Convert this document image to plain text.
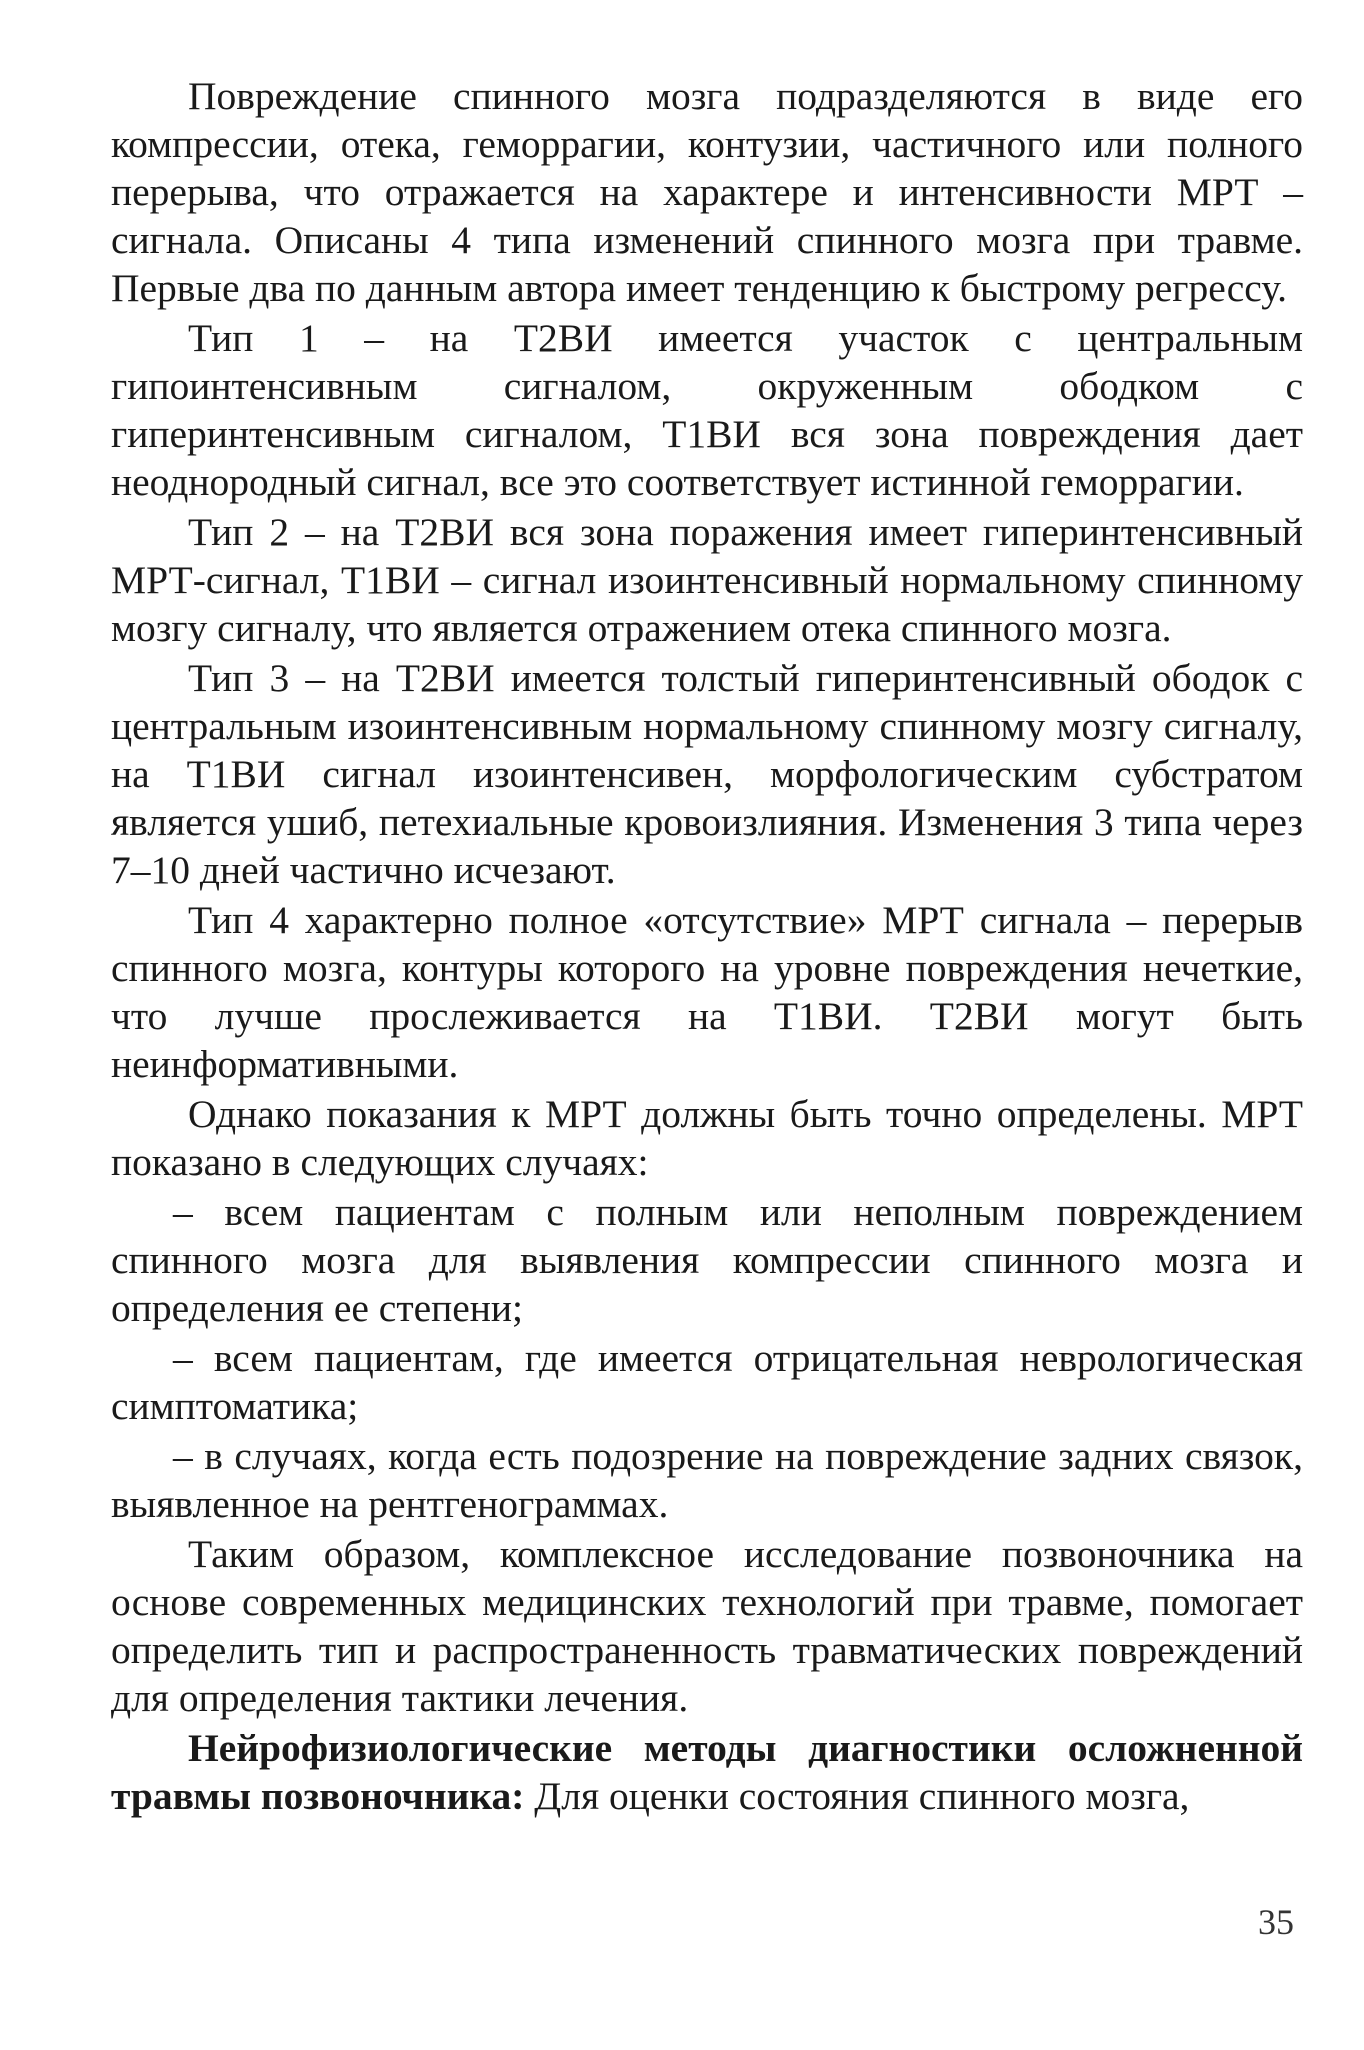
Повреждение спинного мозга подразделяются в виде его компрессии, отека, геморрагии, контузии, частичного или полного перерыва, что отражается на характере и интенсивности МРТ – сигнала. Описаны 4 типа изменений спинного мозга при травме. Первые два по данным автора имеет тенденцию к быстрому регрессу.

Тип 1 – на Т2ВИ имеется участок с центральным гипоинтенсивным сигналом, окруженным ободком с гиперинтенсивным сигналом, Т1ВИ вся зона повреждения дает неоднородный сигнал, все это соответствует истинной геморрагии.

Тип 2 – на Т2ВИ вся зона поражения имеет гиперинтенсивный МРТ-сигнал, Т1ВИ – сигнал изоинтенсивный нормальному спинному мозгу сигналу, что является отражением отека спинного мозга.

Тип 3 – на Т2ВИ имеется толстый гиперинтенсивный ободок с центральным изоинтенсивным нормальному спинному мозгу сигналу, на Т1ВИ сигнал изоинтенсивен, морфологическим субстратом является ушиб, петехиальные кровоизлияния. Изменения 3 типа через 7–10 дней частично исчезают.

Тип 4 характерно полное «отсутствие» МРТ сигнала – перерыв спинного мозга, контуры которого на уровне повреждения нечеткие, что лучше прослеживается на Т1ВИ. Т2ВИ могут быть неинформативными.

Однако показания к МРТ должны быть точно определены. МРТ показано в следующих случаях:

– всем пациентам с полным или неполным повреждением спинного мозга для выявления компрессии спинного мозга и определения ее степени;

– всем пациентам, где имеется отрицательная неврологическая симптоматика;

– в случаях, когда есть подозрение на повреждение задних связок, выявленное на рентгенограммах.

Таким образом, комплексное исследование позвоночника на основе современных медицинских технологий при травме, помогает определить тип и распространенность травматических повреждений для определения тактики лечения.

Нейрофизиологические методы диагностики осложненной травмы позвоночника: Для оценки состояния спинного мозга,

35
